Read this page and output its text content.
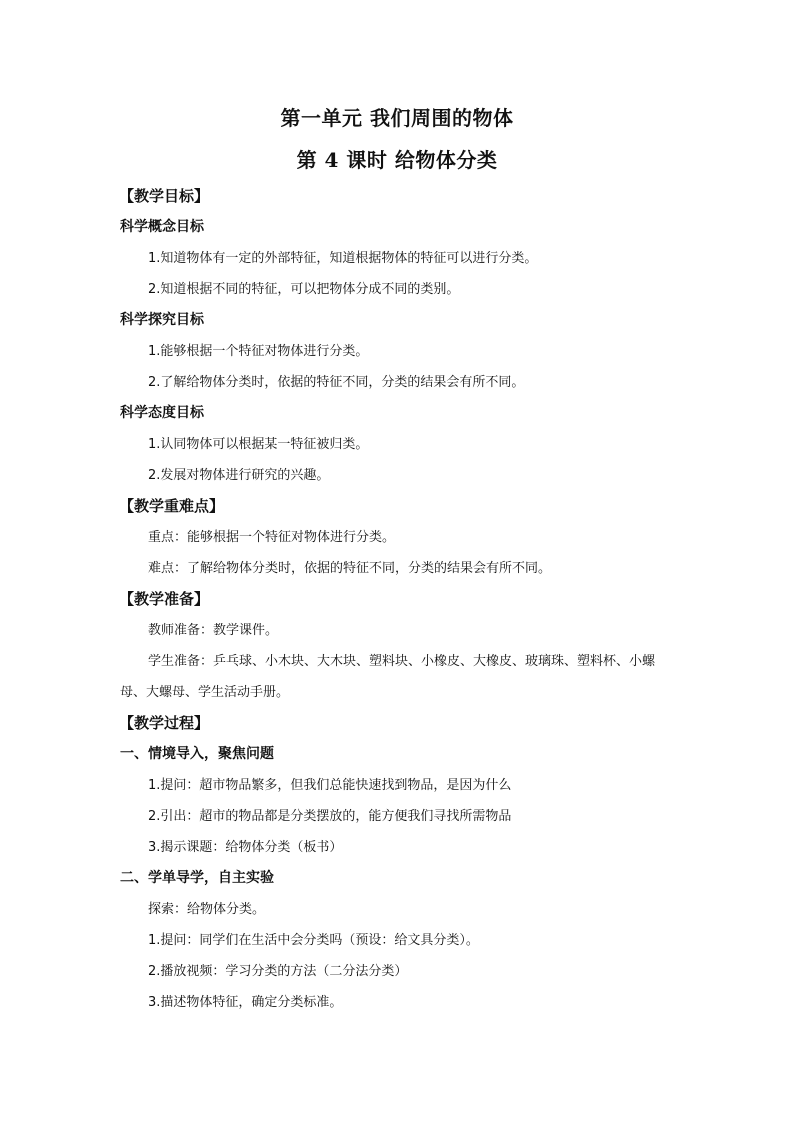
第一单元 我们周围的物体
第 4 课时 给物体分类
【教学目标】
科学概念目标
1.知道物体有一定的外部特征，知道根据物体的特征可以进行分类。
2.知道根据不同的特征，可以把物体分成不同的类别。
科学探究目标
1.能够根据一个特征对物体进行分类。
2.了解给物体分类时，依据的特征不同，分类的结果会有所不同。
科学态度目标
1.认同物体可以根据某一特征被归类。
2.发展对物体进行研究的兴趣。
【教学重难点】
重点：能够根据一个特征对物体进行分类。
难点：了解给物体分类时，依据的特征不同，分类的结果会有所不同。
【教学准备】
教师准备：教学课件。
学生准备：乒乓球、小木块、大木块、塑料块、小橡皮、大橡皮、玻璃珠、塑料杯、小螺母、大螺母、学生活动手册。
【教学过程】
一、情境导入，聚焦问题
1.提问：超市物品繁多，但我们总能快速找到物品，是因为什么
2.引出：超市的物品都是分类摆放的，能方便我们寻找所需物品
3.揭示课题：给物体分类（板书）
二、学单导学，自主实验
探索：给物体分类。
1.提问：同学们在生活中会分类吗（预设：给文具分类）。
2.播放视频：学习分类的方法（二分法分类）
3.描述物体特征，确定分类标准。
